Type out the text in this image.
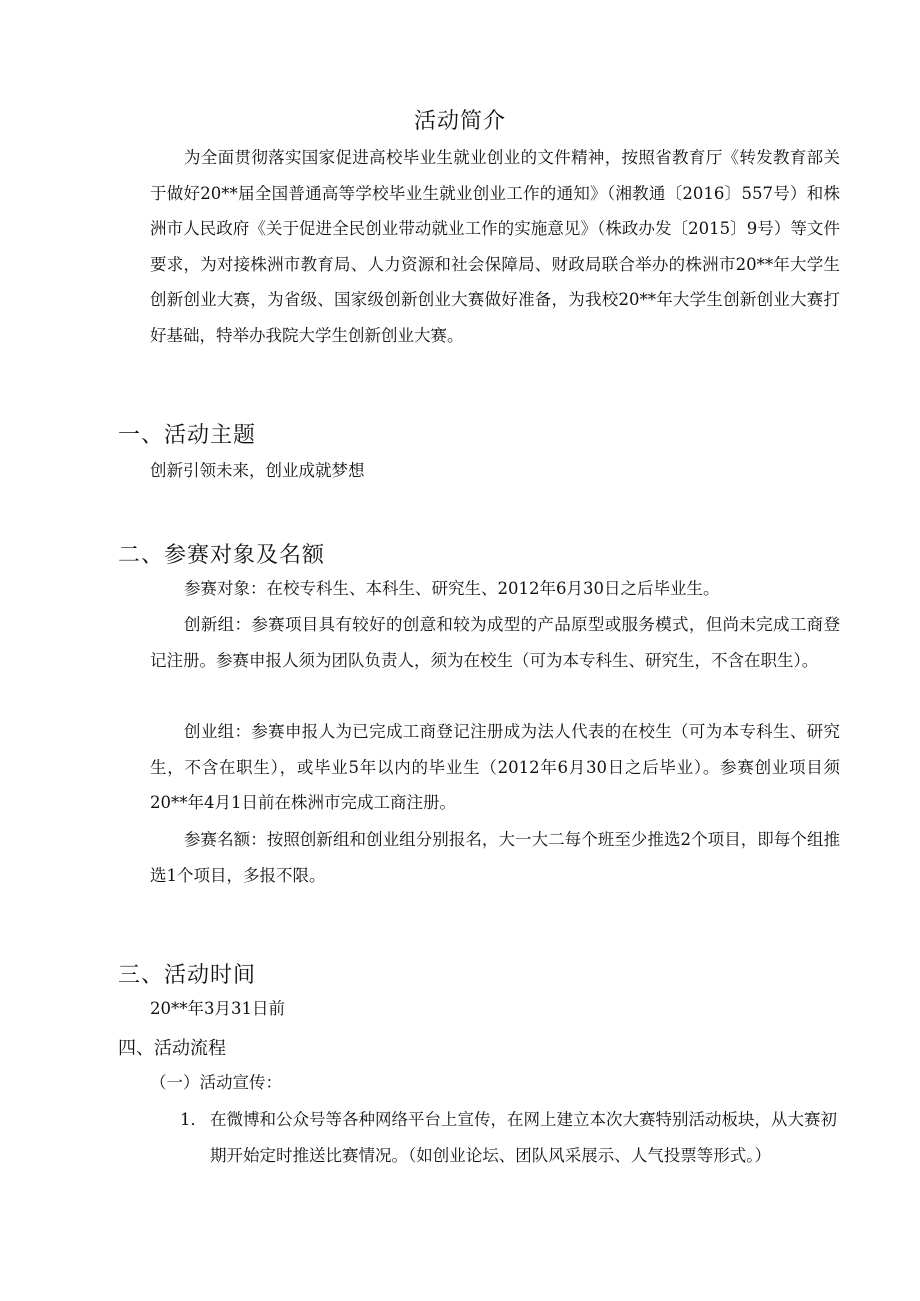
活动简介
为全面贯彻落实国家促进高校毕业生就业创业的文件精神，按照省教育厅《转发教育部关于做好20**届全国普通高等学校毕业生就业创业工作的通知》（湘教通〔2016〕557号）和株洲市人民政府《关于促进全民创业带动就业工作的实施意见》（株政办发〔2015〕9号）等文件要求，为对接株洲市教育局、人力资源和社会保障局、财政局联合举办的株洲市20**年大学生创新创业大赛，为省级、国家级创新创业大赛做好准备，为我校20**年大学生创新创业大赛打好基础，特举办我院大学生创新创业大赛。
一、活动主题
创新引领未来，创业成就梦想
二、参赛对象及名额
参赛对象：在校专科生、本科生、研究生、2012年6月30日之后毕业生。
创新组：参赛项目具有较好的创意和较为成型的产品原型或服务模式，但尚未完成工商登记注册。参赛申报人须为团队负责人，须为在校生（可为本专科生、研究生，不含在职生）。
创业组：参赛申报人为已完成工商登记注册成为法人代表的在校生（可为本专科生、研究生，不含在职生），或毕业5年以内的毕业生（2012年6月30日之后毕业）。参赛创业项目须20**年4月1日前在株洲市完成工商注册。
参赛名额：按照创新组和创业组分别报名，大一大二每个班至少推选2个项目，即每个组推选1个项目，多报不限。
三、活动时间
20**年3月31日前
四、活动流程
（一）活动宣传：
1． 在微博和公众号等各种网络平台上宣传，在网上建立本次大赛特别活动板块，从大赛初期开始定时推送比赛情况。（如创业论坛、团队风采展示、人气投票等形式。）
